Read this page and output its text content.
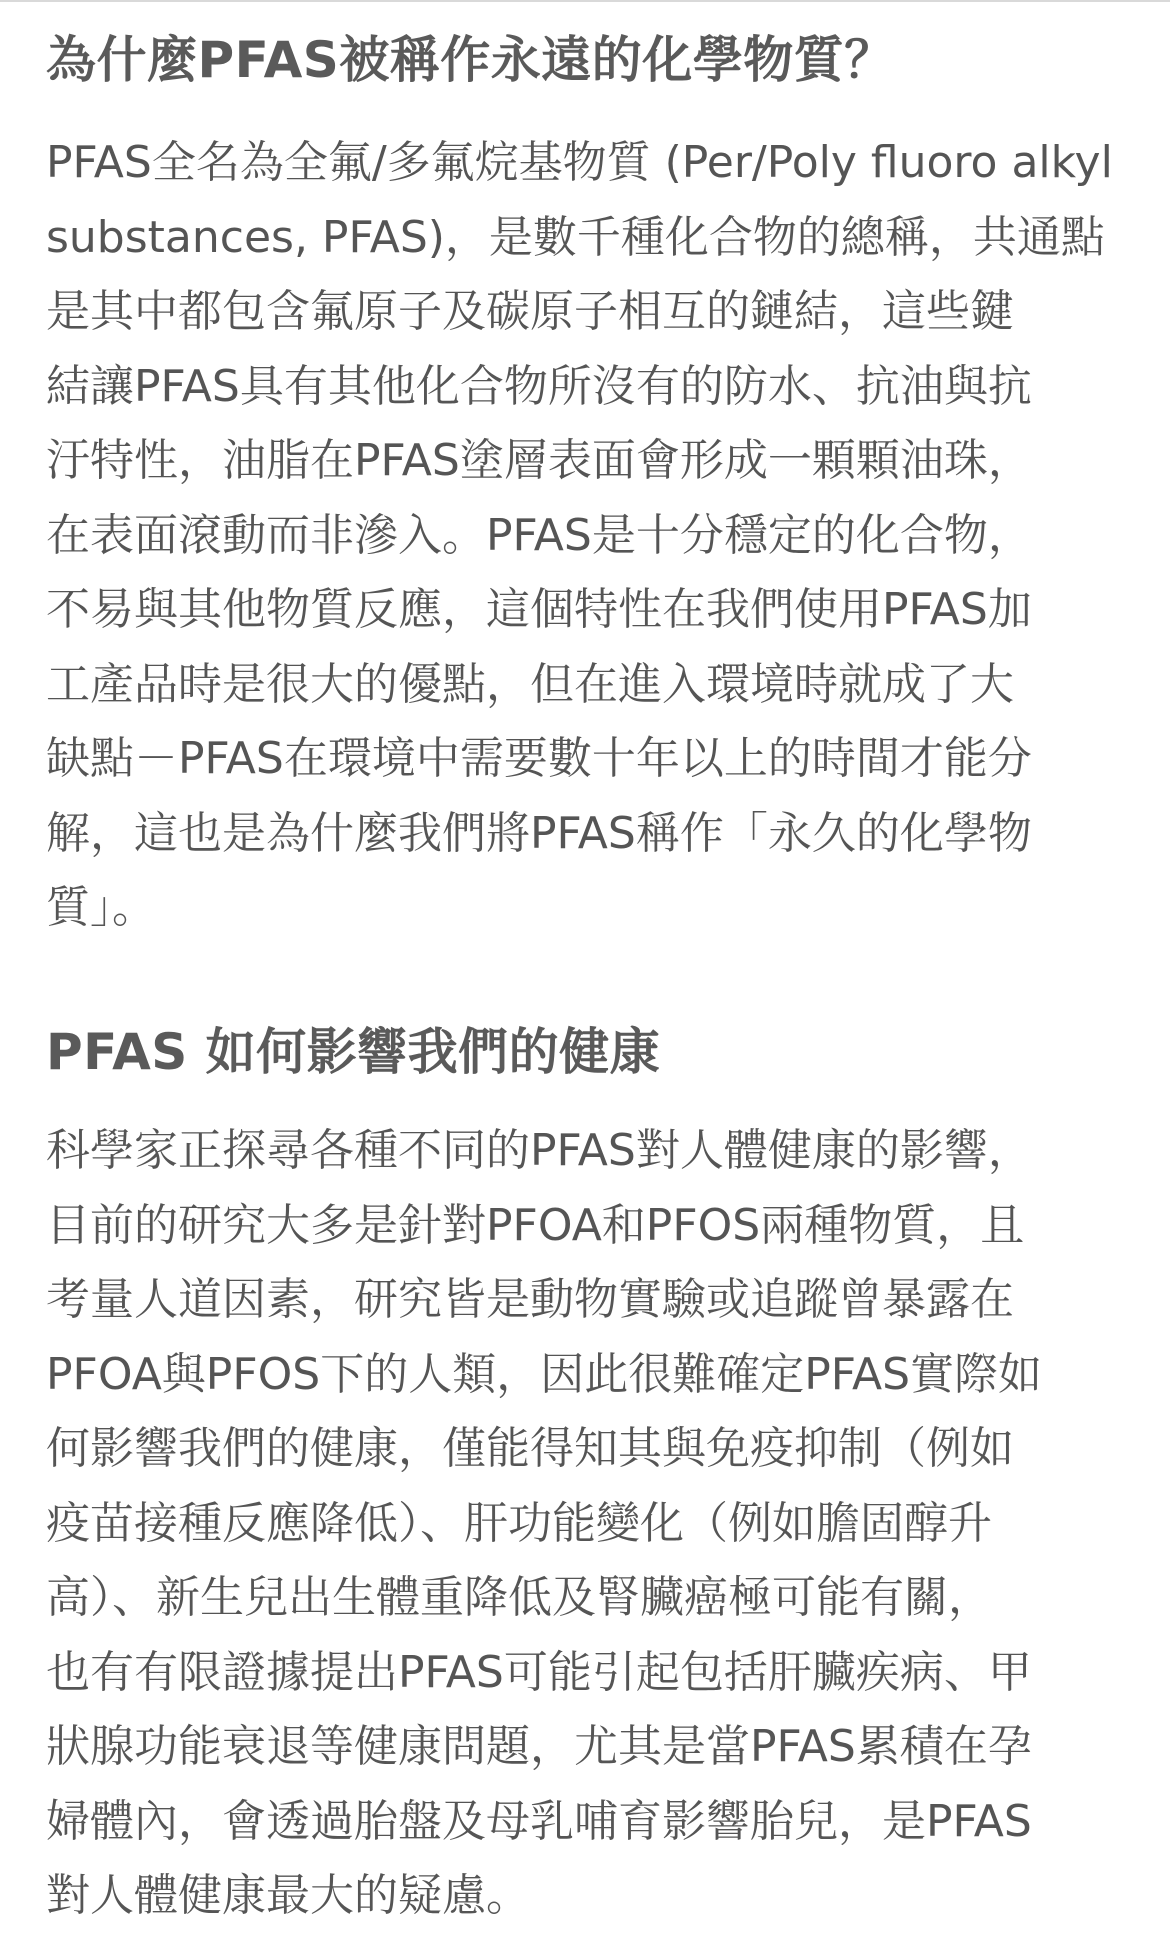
為什麼PFAS被稱作永遠的化學物質？

PFAS全名為全氟/多氟烷基物質 (Per/Poly fluoro alkyl
substances, PFAS)，是數千種化合物的總稱，共通點
是其中都包含氟原子及碳原子相互的鏈結，這些鍵
結讓PFAS具有其他化合物所沒有的防水、抗油與抗
汙特性，油脂在PFAS塗層表面會形成一顆顆油珠，
在表面滾動而非滲入。PFAS是十分穩定的化合物，
不易與其他物質反應，這個特性在我們使用PFAS加
工產品時是很大的優點，但在進入環境時就成了大
缺點－PFAS在環境中需要數十年以上的時間才能分
解，這也是為什麼我們將PFAS稱作「永久的化學物
質」。

PFAS 如何影響我們的健康

科學家正探尋各種不同的PFAS對人體健康的影響，
目前的研究大多是針對PFOA和PFOS兩種物質，且
考量人道因素，研究皆是動物實驗或追蹤曾暴露在
PFOA與PFOS下的人類，因此很難確定PFAS實際如
何影響我們的健康，僅能得知其與免疫抑制（例如
疫苗接種反應降低）、肝功能變化（例如膽固醇升
高）、新生兒出生體重降低及腎臟癌極可能有關，
也有有限證據提出PFAS可能引起包括肝臟疾病、甲
狀腺功能衰退等健康問題，尤其是當PFAS累積在孕
婦體內，會透過胎盤及母乳哺育影響胎兒，是PFAS
對人體健康最大的疑慮。
